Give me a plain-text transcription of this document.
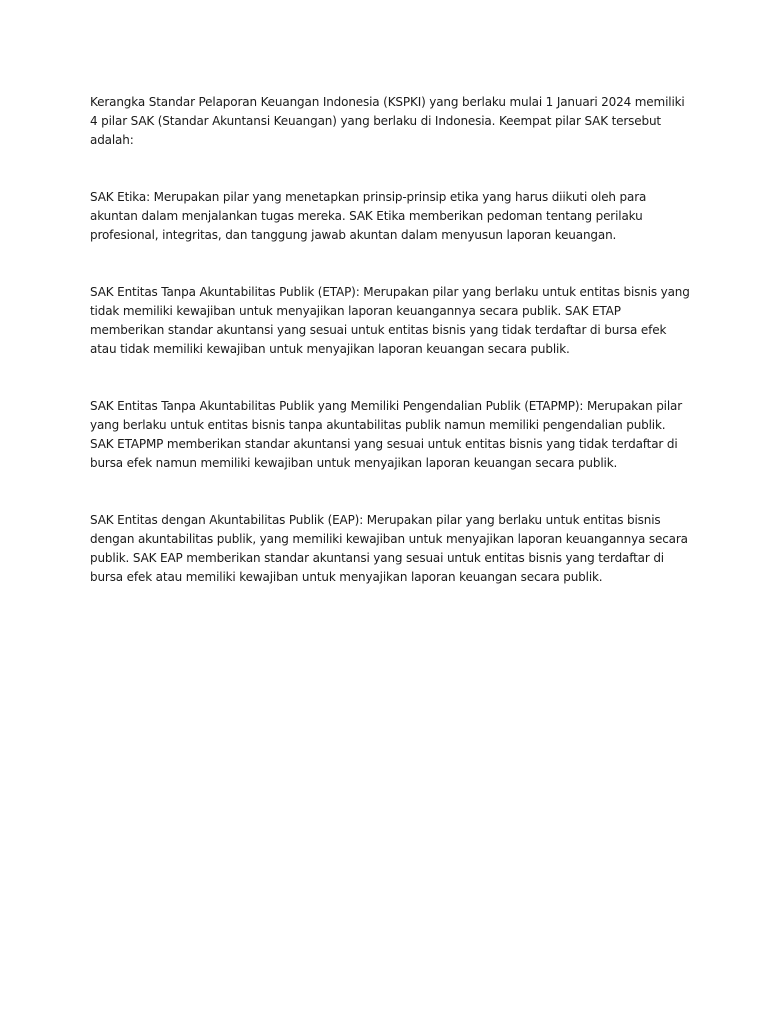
Kerangka Standar Pelaporan Keuangan Indonesia (KSPKI) yang berlaku mulai 1 Januari 2024 memiliki 4 pilar SAK (Standar Akuntansi Keuangan) yang berlaku di Indonesia. Keempat pilar SAK tersebut adalah:

SAK Etika: Merupakan pilar yang menetapkan prinsip-prinsip etika yang harus diikuti oleh para akuntan dalam menjalankan tugas mereka. SAK Etika memberikan pedoman tentang perilaku profesional, integritas, dan tanggung jawab akuntan dalam menyusun laporan keuangan.

SAK Entitas Tanpa Akuntabilitas Publik (ETAP): Merupakan pilar yang berlaku untuk entitas bisnis yang tidak memiliki kewajiban untuk menyajikan laporan keuangannya secara publik. SAK ETAP memberikan standar akuntansi yang sesuai untuk entitas bisnis yang tidak terdaftar di bursa efek atau tidak memiliki kewajiban untuk menyajikan laporan keuangan secara publik.

SAK Entitas Tanpa Akuntabilitas Publik yang Memiliki Pengendalian Publik (ETAPMP): Merupakan pilar yang berlaku untuk entitas bisnis tanpa akuntabilitas publik namun memiliki pengendalian publik. SAK ETAPMP memberikan standar akuntansi yang sesuai untuk entitas bisnis yang tidak terdaftar di bursa efek namun memiliki kewajiban untuk menyajikan laporan keuangan secara publik.

SAK Entitas dengan Akuntabilitas Publik (EAP): Merupakan pilar yang berlaku untuk entitas bisnis dengan akuntabilitas publik, yang memiliki kewajiban untuk menyajikan laporan keuangannya secara publik. SAK EAP memberikan standar akuntansi yang sesuai untuk entitas bisnis yang terdaftar di bursa efek atau memiliki kewajiban untuk menyajikan laporan keuangan secara publik.
